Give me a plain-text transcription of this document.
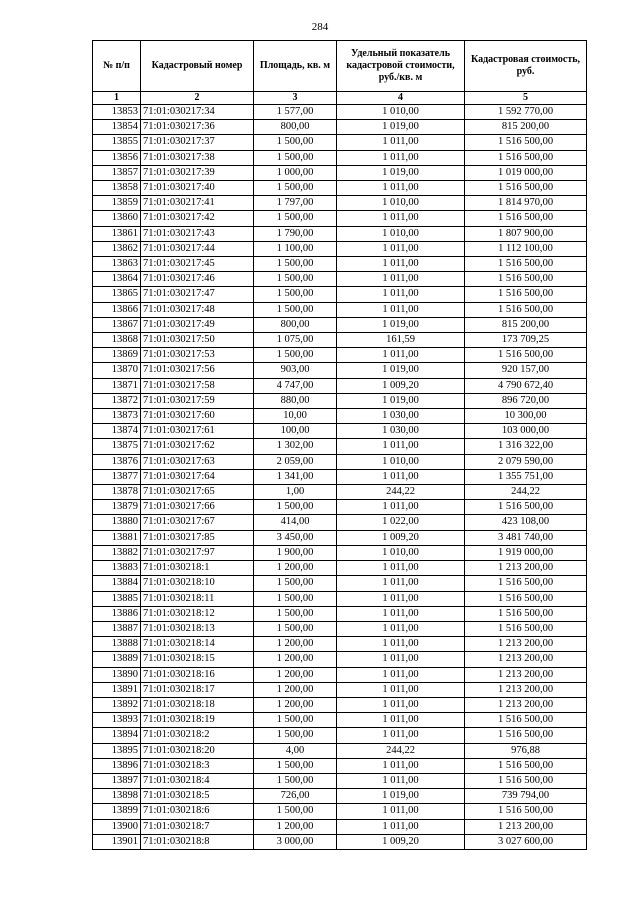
284
№ п/п	Кадастровый номер	Площадь, кв. м	Удельный показатель кадастровой стоимости, руб./кв. м	Кадастровая стоимость, руб.
1	2	3	4	5
13853	71:01:030217:34	1 577,00	1 010,00	1 592 770,00
13854	71:01:030217:36	800,00	1 019,00	815 200,00
13855	71:01:030217:37	1 500,00	1 011,00	1 516 500,00
13856	71:01:030217:38	1 500,00	1 011,00	1 516 500,00
13857	71:01:030217:39	1 000,00	1 019,00	1 019 000,00
13858	71:01:030217:40	1 500,00	1 011,00	1 516 500,00
13859	71:01:030217:41	1 797,00	1 010,00	1 814 970,00
13860	71:01:030217:42	1 500,00	1 011,00	1 516 500,00
13861	71:01:030217:43	1 790,00	1 010,00	1 807 900,00
13862	71:01:030217:44	1 100,00	1 011,00	1 112 100,00
13863	71:01:030217:45	1 500,00	1 011,00	1 516 500,00
13864	71:01:030217:46	1 500,00	1 011,00	1 516 500,00
13865	71:01:030217:47	1 500,00	1 011,00	1 516 500,00
13866	71:01:030217:48	1 500,00	1 011,00	1 516 500,00
13867	71:01:030217:49	800,00	1 019,00	815 200,00
13868	71:01:030217:50	1 075,00	161,59	173 709,25
13869	71:01:030217:53	1 500,00	1 011,00	1 516 500,00
13870	71:01:030217:56	903,00	1 019,00	920 157,00
13871	71:01:030217:58	4 747,00	1 009,20	4 790 672,40
13872	71:01:030217:59	880,00	1 019,00	896 720,00
13873	71:01:030217:60	10,00	1 030,00	10 300,00
13874	71:01:030217:61	100,00	1 030,00	103 000,00
13875	71:01:030217:62	1 302,00	1 011,00	1 316 322,00
13876	71:01:030217:63	2 059,00	1 010,00	2 079 590,00
13877	71:01:030217:64	1 341,00	1 011,00	1 355 751,00
13878	71:01:030217:65	1,00	244,22	244,22
13879	71:01:030217:66	1 500,00	1 011,00	1 516 500,00
13880	71:01:030217:67	414,00	1 022,00	423 108,00
13881	71:01:030217:85	3 450,00	1 009,20	3 481 740,00
13882	71:01:030217:97	1 900,00	1 010,00	1 919 000,00
13883	71:01:030218:1	1 200,00	1 011,00	1 213 200,00
13884	71:01:030218:10	1 500,00	1 011,00	1 516 500,00
13885	71:01:030218:11	1 500,00	1 011,00	1 516 500,00
13886	71:01:030218:12	1 500,00	1 011,00	1 516 500,00
13887	71:01:030218:13	1 500,00	1 011,00	1 516 500,00
13888	71:01:030218:14	1 200,00	1 011,00	1 213 200,00
13889	71:01:030218:15	1 200,00	1 011,00	1 213 200,00
13890	71:01:030218:16	1 200,00	1 011,00	1 213 200,00
13891	71:01:030218:17	1 200,00	1 011,00	1 213 200,00
13892	71:01:030218:18	1 200,00	1 011,00	1 213 200,00
13893	71:01:030218:19	1 500,00	1 011,00	1 516 500,00
13894	71:01:030218:2	1 500,00	1 011,00	1 516 500,00
13895	71:01:030218:20	4,00	244,22	976,88
13896	71:01:030218:3	1 500,00	1 011,00	1 516 500,00
13897	71:01:030218:4	1 500,00	1 011,00	1 516 500,00
13898	71:01:030218:5	726,00	1 019,00	739 794,00
13899	71:01:030218:6	1 500,00	1 011,00	1 516 500,00
13900	71:01:030218:7	1 200,00	1 011,00	1 213 200,00
13901	71:01:030218:8	3 000,00	1 009,20	3 027 600,00
